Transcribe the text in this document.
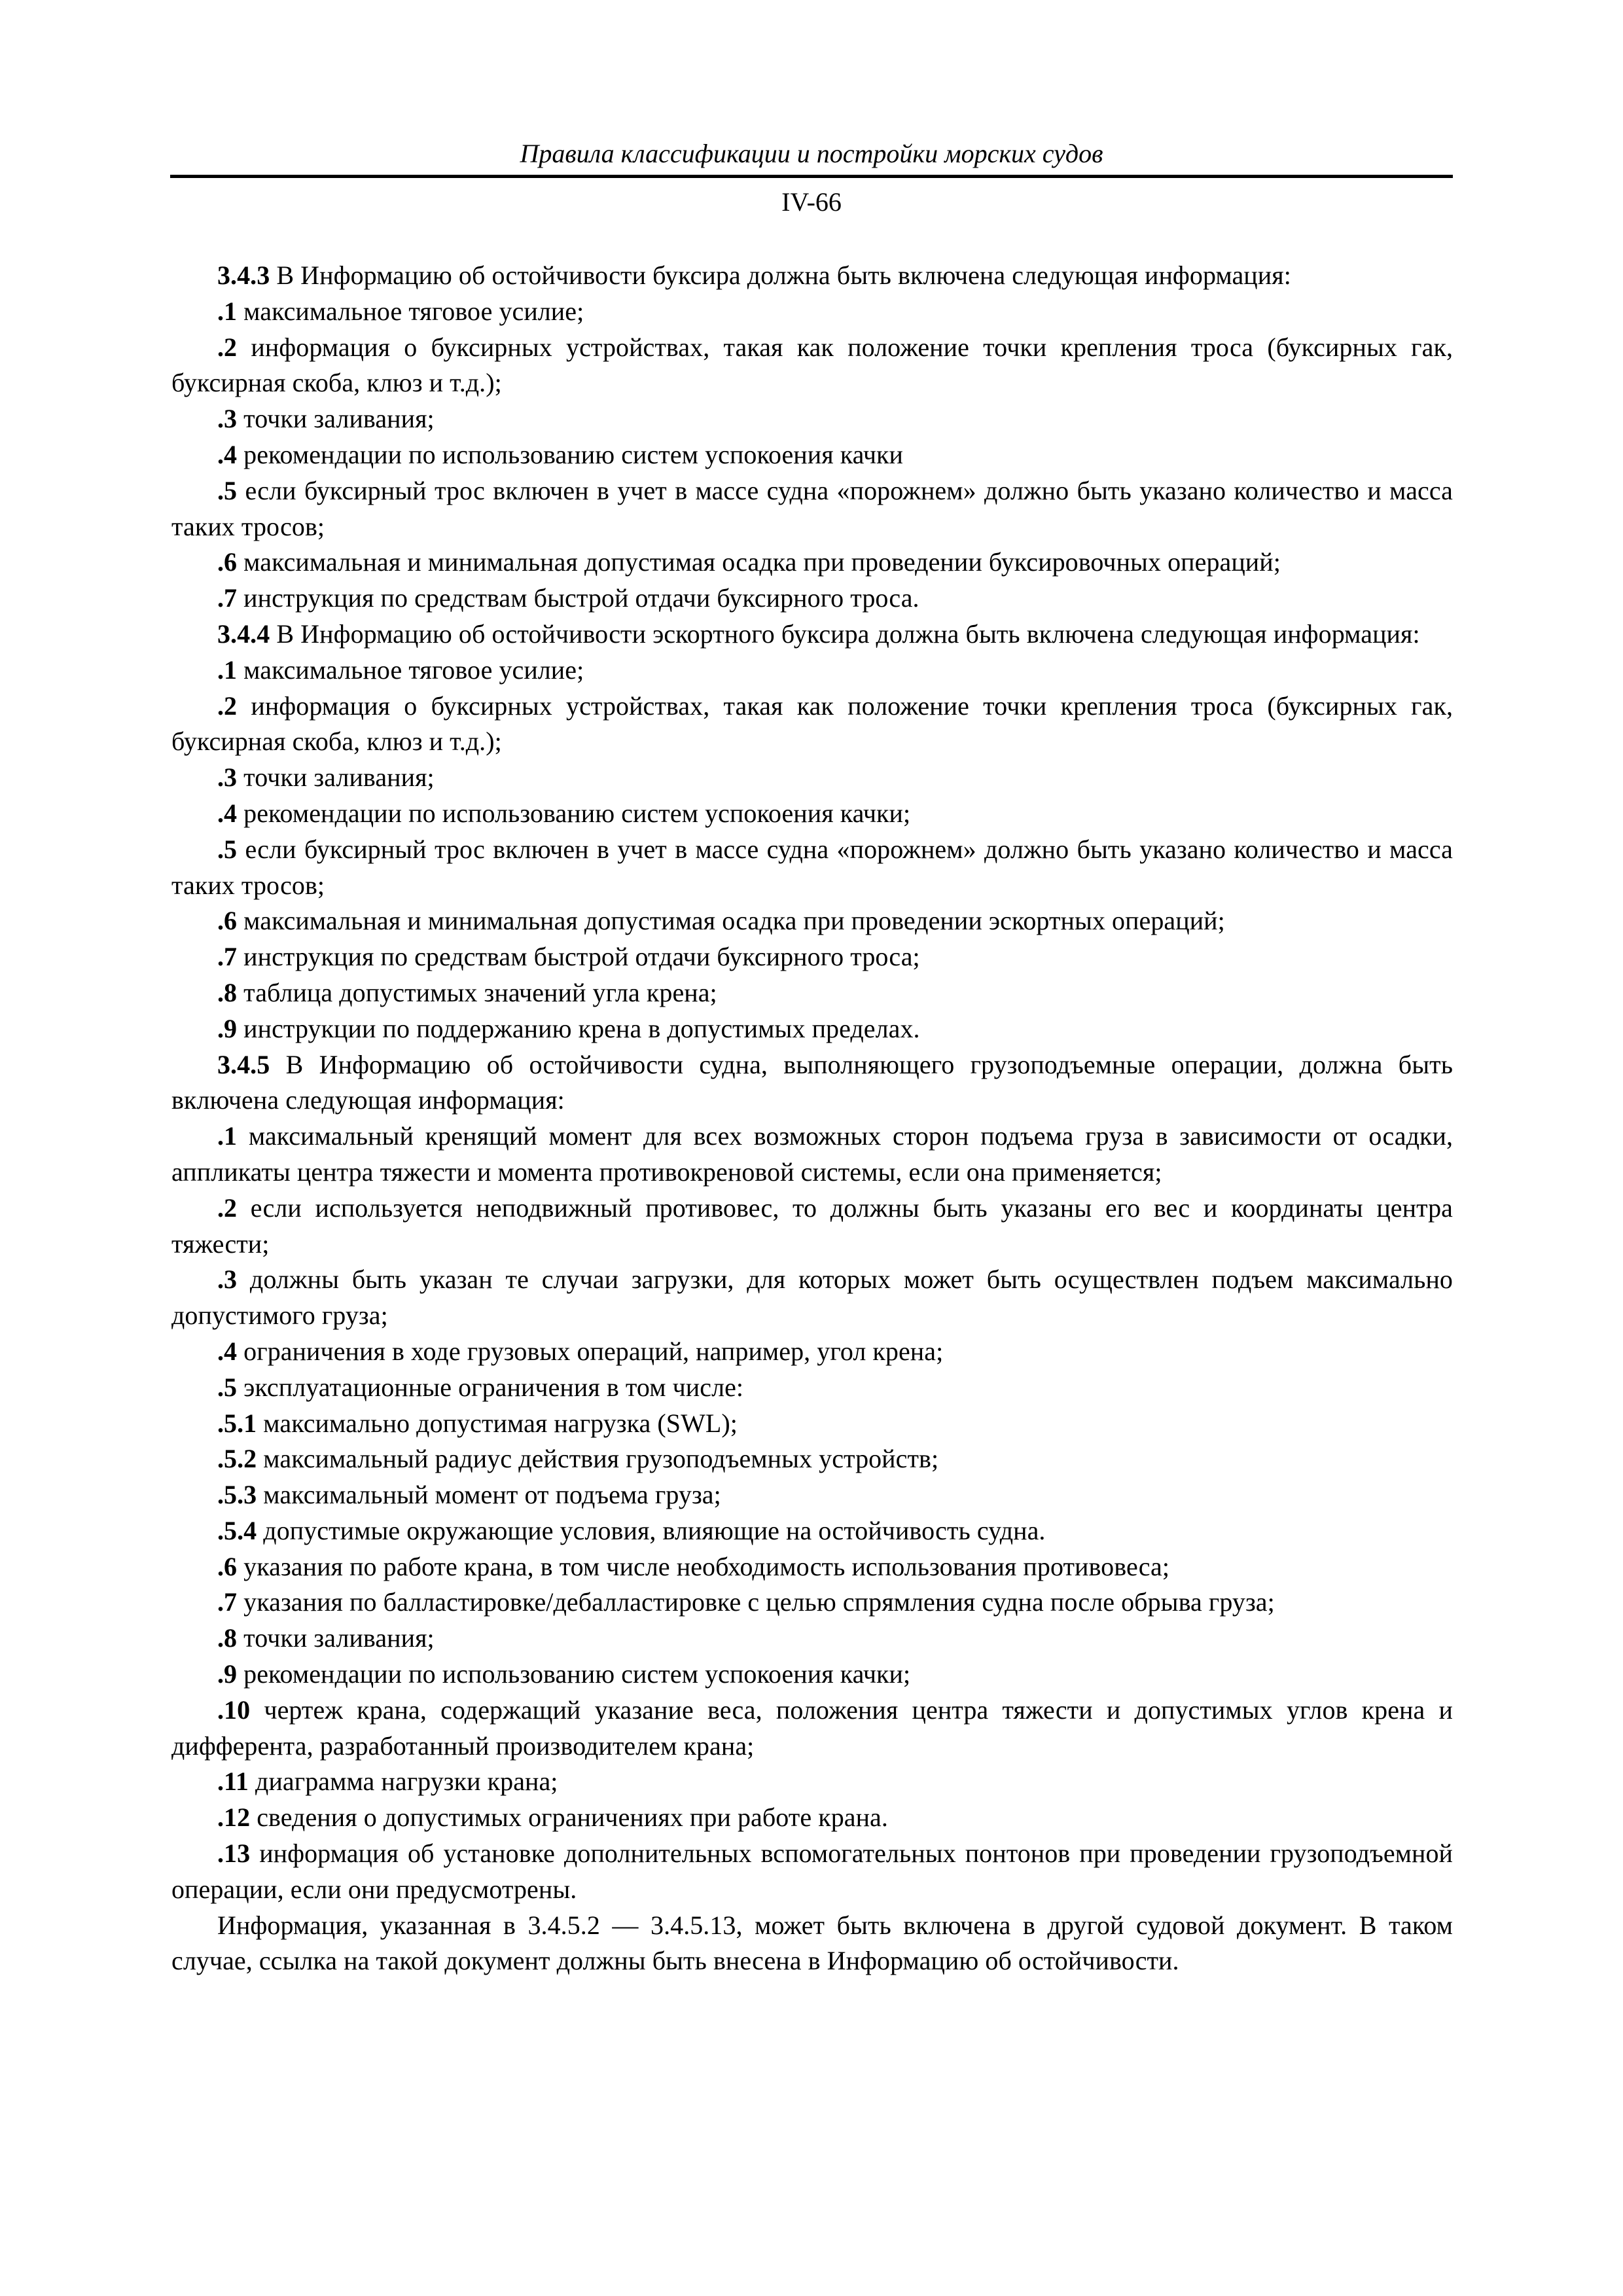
Правила классификации и постройки морских судов
IV-66

3.4.3 В Информацию об остойчивости буксира должна быть включена следующая информация:

.1 максимальное тяговое усилие;

.2 информация о буксирных устройствах, такая как положение точки крепления троса (буксирных гак, буксирная скоба, клюз и т.д.);

.3 точки заливания;

.4 рекомендации по использованию систем успокоения качки

.5 если буксирный трос включен в учет в массе судна «порожнем» должно быть указано количество и масса таких тросов;

.6 максимальная и минимальная допустимая осадка при проведении буксировочных операций;

.7 инструкция по средствам быстрой отдачи буксирного троса.

3.4.4 В Информацию об остойчивости эскортного буксира должна быть включена следующая информация:

.1 максимальное тяговое усилие;

.2 информация о буксирных устройствах, такая как положение точки крепления троса (буксирных гак, буксирная скоба, клюз и т.д.);

.3 точки заливания;

.4 рекомендации по использованию систем успокоения качки;

.5 если буксирный трос включен в учет в массе судна «порожнем» должно быть указано количество и масса таких тросов;

.6 максимальная и минимальная допустимая осадка при проведении эскортных операций;

.7 инструкция по средствам быстрой отдачи буксирного троса;

.8 таблица допустимых значений угла крена;

.9 инструкции по поддержанию крена в допустимых пределах.

3.4.5 В Информацию об остойчивости судна, выполняющего грузоподъемные операции, должна быть включена следующая информация:

.1 максимальный кренящий момент для всех возможных сторон подъема груза в зависимости от осадки, аппликаты центра тяжести и момента противокреновой системы, если она применяется;

.2 если используется неподвижный противовес, то должны быть указаны его вес и координаты центра тяжести;

.3 должны быть указан те случаи загрузки, для которых может быть осуществлен подъем максимально допустимого груза;

.4 ограничения в ходе грузовых операций, например, угол крена;

.5 эксплуатационные ограничения в том числе:

.5.1 максимально допустимая нагрузка (SWL);

.5.2 максимальный радиус действия грузоподъемных устройств;

.5.3 максимальный момент от подъема груза;

.5.4 допустимые окружающие условия, влияющие на остойчивость судна.

.6 указания по работе крана, в том числе необходимость использования противовеса;

.7 указания по балластировке/дебалластировке с целью спрямления судна после обрыва груза;

.8 точки заливания;

.9 рекомендации по использованию систем успокоения качки;

.10 чертеж крана, содержащий указание веса, положения центра тяжести и допустимых углов крена и дифферента, разработанный производителем крана;

.11 диаграмма нагрузки крана;

.12 сведения о допустимых ограничениях при работе крана.

.13 информация об установке дополнительных вспомогательных понтонов при проведении грузоподъемной операции, если они предусмотрены.

Информация, указанная в 3.4.5.2 — 3.4.5.13, может быть включена в другой судовой документ. В таком случае, ссылка на такой документ должны быть внесена в Информацию об остойчивости.
